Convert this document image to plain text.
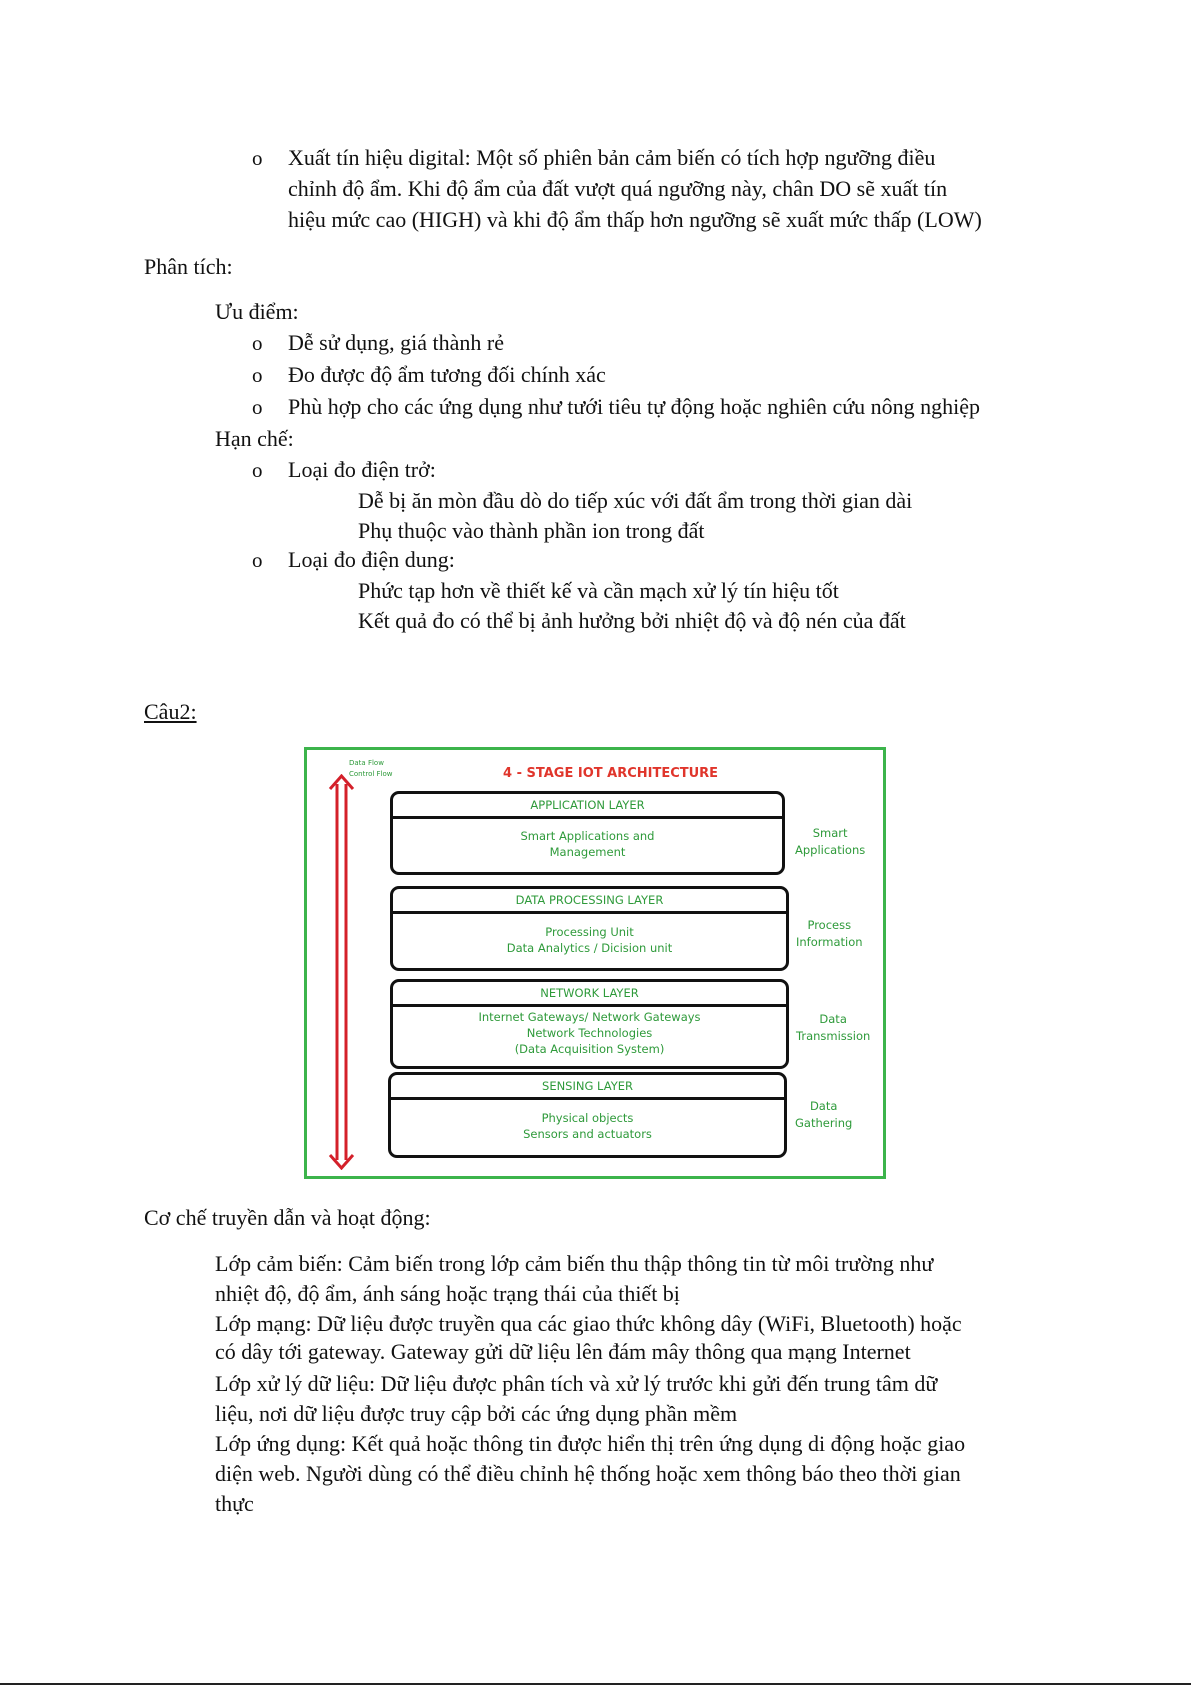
o Xuất tín hiệu digital: Một số phiên bản cảm biến có tích hợp ngưỡng điều
chỉnh độ ẩm. Khi độ ẩm của đất vượt quá ngưỡng này, chân DO sẽ xuất tín
hiệu mức cao (HIGH) và khi độ ẩm thấp hơn ngưỡng sẽ xuất mức thấp (LOW)
Phân tích:
Ưu điểm:
o Dễ sử dụng, giá thành rẻ
o Đo được độ ẩm tương đối chính xác
o Phù hợp cho các ứng dụng như tưới tiêu tự động hoặc nghiên cứu nông nghiệp
Hạn chế:
o Loại đo điện trở:
Dễ bị ăn mòn đầu dò do tiếp xúc với đất ẩm trong thời gian dài
Phụ thuộc vào thành phần ion trong đất
o Loại đo điện dung:
Phức tạp hơn về thiết kế và cần mạch xử lý tín hiệu tốt
Kết quả đo có thể bị ảnh hưởng bởi nhiệt độ và độ nén của đất
Câu2:
Data Flow
Control Flow	4 - STAGE IOT ARCHITECTURE
APPLICATION LAYER
Smart Applications and
Management
Smart
Applications
DATA PROCESSING LAYER
Processing Unit
Data Analytics / Dicision unit
Process
Information
NETWORK LAYER
Internet Gateways/ Network Gateways
Network Technologies
(Data Acquisition System)
Data
Transmission
SENSING LAYER
Physical objects
Sensors and actuators
Data
Gathering
Cơ chế truyền dẫn và hoạt động:
Lớp cảm biến: Cảm biến trong lớp cảm biến thu thập thông tin từ môi trường như
nhiệt độ, độ ẩm, ánh sáng hoặc trạng thái của thiết bị
Lớp mạng: Dữ liệu được truyền qua các giao thức không dây (WiFi, Bluetooth) hoặc
có dây tới gateway. Gateway gửi dữ liệu lên đám mây thông qua mạng Internet
Lớp xử lý dữ liệu: Dữ liệu được phân tích và xử lý trước khi gửi đến trung tâm dữ
liệu, nơi dữ liệu được truy cập bởi các ứng dụng phần mềm
Lớp ứng dụng: Kết quả hoặc thông tin được hiển thị trên ứng dụng di động hoặc giao
diện web. Người dùng có thể điều chỉnh hệ thống hoặc xem thông báo theo thời gian
thực
